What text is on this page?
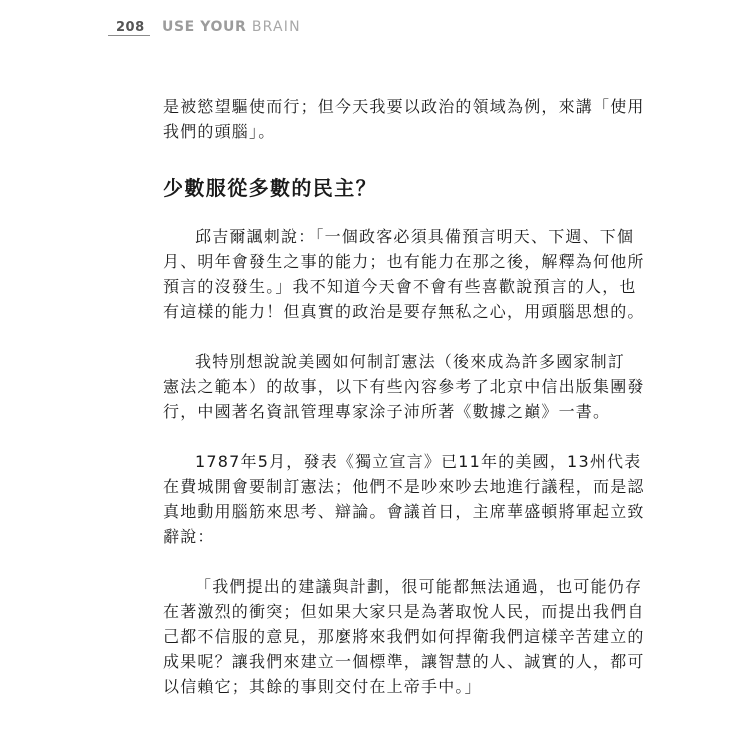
208 USE YOUR BRAIN

是被慾望驅使而行；但今天我要以政治的領域為例，來講「使用
我們的頭腦」。

少數服從多數的民主？

邱吉爾諷刺說：「一個政客必須具備預言明天、下週、下個
月、明年會發生之事的能力；也有能力在那之後，解釋為何他所
預言的沒發生。」我不知道今天會不會有些喜歡說預言的人，也
有這樣的能力！但真實的政治是要存無私之心，用頭腦思想的。

我特別想說說美國如何制訂憲法（後來成為許多國家制訂
憲法之範本）的故事，以下有些內容參考了北京中信出版集團發
行，中國著名資訊管理專家涂子沛所著《數據之巔》一書。

1787年5月，發表《獨立宣言》已11年的美國，13州代表
在費城開會要制訂憲法；他們不是吵來吵去地進行議程，而是認
真地動用腦筋來思考、辯論。會議首日，主席華盛頓將軍起立致
辭說：

「我們提出的建議與計劃，很可能都無法通過，也可能仍存
在著激烈的衝突；但如果大家只是為著取悅人民，而提出我們自
己都不信服的意見，那麼將來我們如何捍衛我們這樣辛苦建立的
成果呢？讓我們來建立一個標準，讓智慧的人、誠實的人，都可
以信賴它；其餘的事則交付在上帝手中。」
